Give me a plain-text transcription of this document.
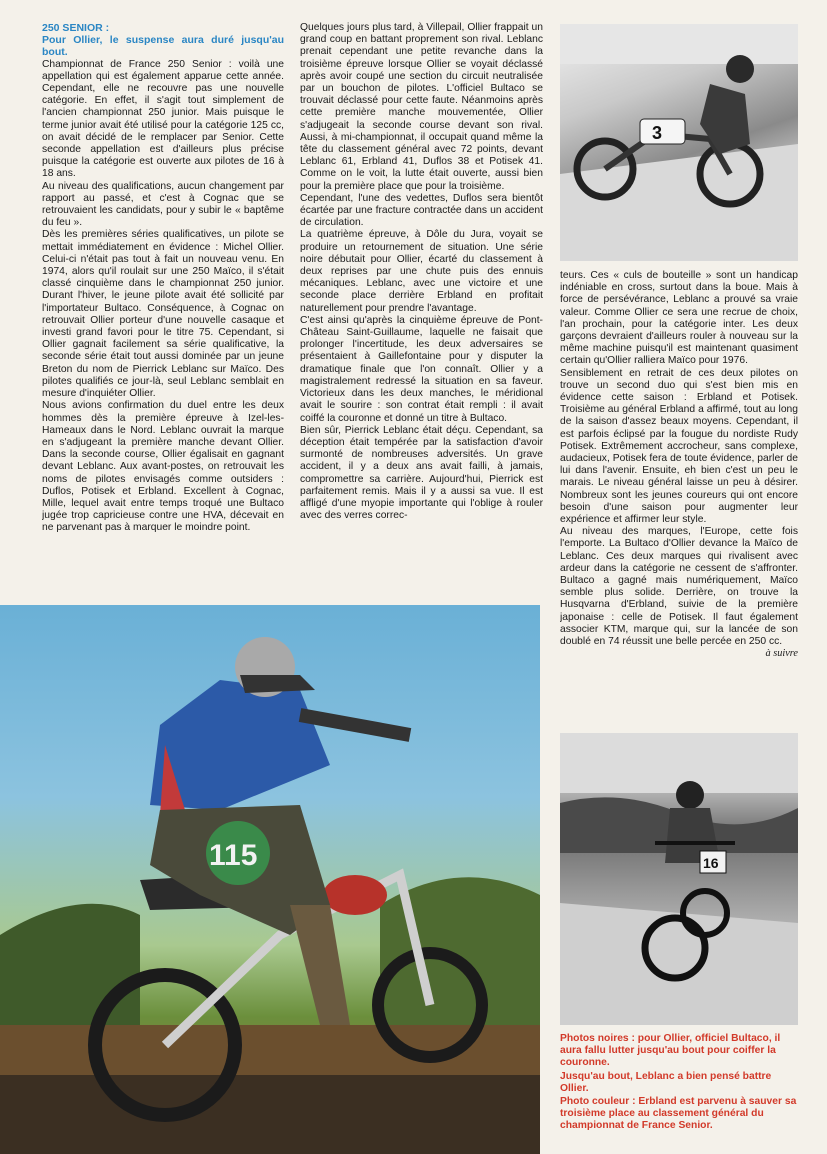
250 SENIOR :
Pour Ollier, le suspense aura duré jusqu'au bout.

Championnat de France 250 Senior : voilà une appellation qui est également apparue cette année. Cependant, elle ne recouvre pas une nouvelle catégorie. En effet, il s'agit tout simplement de l'ancien championnat 250 junior. Mais puisque le terme junior avait été utilisé pour la catégorie 125 cc, on avait décidé de le remplacer par Senior. Cette seconde appellation est d'ailleurs plus précise puisque la catégorie est ouverte aux pilotes de 16 à 18 ans.

Au niveau des qualifications, aucun changement par rapport au passé, et c'est à Cognac que se retrouvaient les candidats, pour y subir le « baptême du feu ».

Dès les premières séries qualificatives, un pilote se mettait immédiatement en évidence : Michel Ollier. Celui-ci n'était pas tout à fait un nouveau venu. En 1974, alors qu'il roulait sur une 250 Maïco, il s'était classé cinquième dans le championnat 250 junior. Durant l'hiver, le jeune pilote avait été sollicité par l'importateur Bultaco. Conséquence, à Cognac on retrouvait Ollier porteur d'une nouvelle casaque et investi grand favori pour le titre 75. Cependant, si Ollier gagnait facilement sa série qualificative, la seconde série était tout aussi dominée par un jeune Breton du nom de Pierrick Leblanc sur Maïco. Des pilotes qualifiés ce jour-là, seul Leblanc semblait en mesure d'inquiéter Ollier.

Nous avions confirmation du duel entre les deux hommes dès la première épreuve à Izel-les-Hameaux dans le Nord. Leblanc ouvrait la marque en s'adjugeant la première manche devant Ollier. Dans la seconde course, Ollier égalisait en gagnant devant Leblanc. Aux avant-postes, on retrouvait les noms de pilotes envisagés comme outsiders : Duflos, Potisek et Erbland. Excellent à Cognac, Mille, lequel avait entre temps troqué une Bultaco jugée trop capricieuse contre une HVA, décevait en ne parvenant pas à marquer le moindre point.

Quelques jours plus tard, à Villepail, Ollier frappait un grand coup en battant proprement son rival. Leblanc prenait cependant une petite revanche dans la troisième épreuve lorsque Ollier se voyait déclassé après avoir coupé une section du circuit neutralisée par un bouchon de pilotes. L'officiel Bultaco se trouvait déclassé pour cette faute. Néanmoins après cette première manche mouvementée, Ollier s'adjugeait la seconde course devant son rival. Aussi, à mi-championnat, il occupait quand même la tête du classement général avec 72 points, devant Leblanc 61, Erbland 41, Duflos 38 et Potisek 41. Comme on le voit, la lutte était ouverte, aussi bien pour la première place que pour la troisième.

Cependant, l'une des vedettes, Duflos sera bientôt écartée par une fracture contractée dans un accident de circulation.

La quatrième épreuve, à Dôle du Jura, voyait se produire un retournement de situation. Une série noire débutait pour Ollier, écarté du classement à deux reprises par une chute puis des ennuis mécaniques. Leblanc, avec une victoire et une seconde place derrière Erbland en profitait naturellement pour prendre l'avantage.

C'est ainsi qu'après la cinquième épreuve de Pont-Château Saint-Guillaume, laquelle ne faisait que prolonger l'incertitude, les deux adversaires se présentaient à Gaillefontaine pour y disputer la dramatique finale que l'on connaît. Ollier y a magistralement redressé la situation en sa faveur. Victorieux dans les deux manches, le méridional avait le sourire : son contrat était rempli : il avait coiffé la couronne et donné un titre à Bultaco.

Bien sûr, Pierrick Leblanc était déçu. Cependant, sa déception était tempérée par la satisfaction d'avoir surmonté de nombreuses adversités. Un grave accident, il y a deux ans avait failli, à jamais, compromettre sa carrière. Aujourd'hui, Pierrick est parfaitement remis. Mais il y a aussi sa vue. Il est affligé d'une myopie importante qui l'oblige à rouler avec des verres correc-

3

teurs. Ces « culs de bouteille » sont un handicap indéniable en cross, surtout dans la boue. Mais à force de persévérance, Leblanc a prouvé sa vraie valeur. Comme Ollier ce sera une recrue de choix, l'an prochain, pour la catégorie inter. Les deux garçons devraient d'ailleurs rouler à nouveau sur la même machine puisqu'il est maintenant quasiment certain qu'Ollier ralliera Maïco pour 1976.

Sensiblement en retrait de ces deux pilotes on trouve un second duo qui s'est bien mis en évidence cette saison : Erbland et Potisek. Troisième au général Erbland a affirmé, tout au long de la saison d'assez beaux moyens. Cependant, il est parfois éclipsé par la fougue du nordiste Rudy Potisek. Extrêmement accrocheur, sans complexe, audacieux, Potisek fera de toute évidence, parler de lui dans l'avenir. Ensuite, eh bien c'est un peu le marais. Le niveau général laisse un peu à désirer. Nombreux sont les jeunes coureurs qui ont encore besoin d'une saison pour augmenter leur expérience et affirmer leur style.

Au niveau des marques, l'Europe, cette fois l'emporte. La Bultaco d'Ollier devance la Maïco de Leblanc. Ces deux marques qui rivalisent avec ardeur dans la catégorie ne cessent de s'affronter. Bultaco a gagné mais numériquement, Maïco semble plus solide. Derrière, on trouve la Husqvarna d'Erbland, suivie de la première japonaise : celle de Potisek. Il faut également associer KTM, marque qui, sur la lancée de son doublé en 74 réussit une belle percée en 250 cc.

à suivre

16

Photos noires : pour Ollier, officiel Bultaco, il aura fallu lutter jusqu'au bout pour coiffer la couronne.

Jusqu'au bout, Leblanc a bien pensé battre Ollier.

Photo couleur : Erbland est parvenu à sauver sa troisième place au classement général du championnat de France Senior.

115
